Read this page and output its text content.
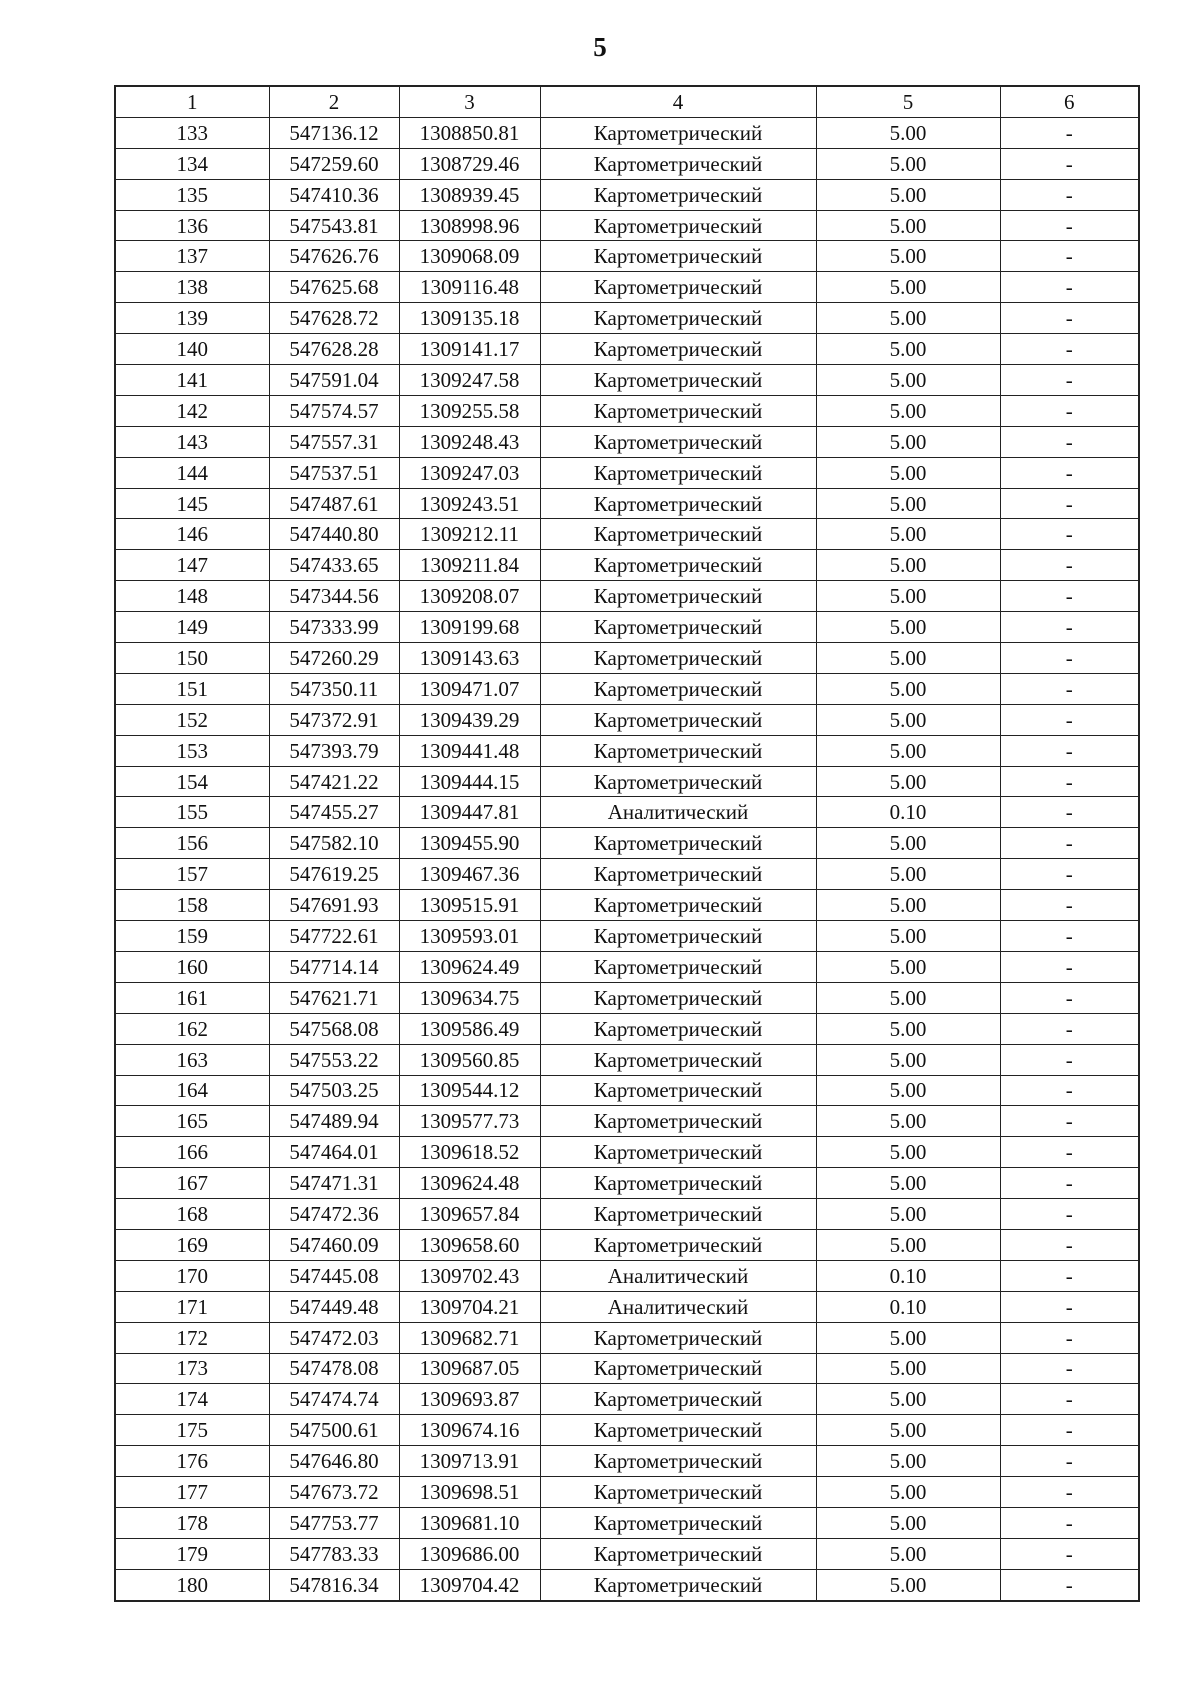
5
1	2	3	4	5	6
133	547136.12	1308850.81	Картометрический	5.00	-
134	547259.60	1308729.46	Картометрический	5.00	-
135	547410.36	1308939.45	Картометрический	5.00	-
136	547543.81	1308998.96	Картометрический	5.00	-
137	547626.76	1309068.09	Картометрический	5.00	-
138	547625.68	1309116.48	Картометрический	5.00	-
139	547628.72	1309135.18	Картометрический	5.00	-
140	547628.28	1309141.17	Картометрический	5.00	-
141	547591.04	1309247.58	Картометрический	5.00	-
142	547574.57	1309255.58	Картометрический	5.00	-
143	547557.31	1309248.43	Картометрический	5.00	-
144	547537.51	1309247.03	Картометрический	5.00	-
145	547487.61	1309243.51	Картометрический	5.00	-
146	547440.80	1309212.11	Картометрический	5.00	-
147	547433.65	1309211.84	Картометрический	5.00	-
148	547344.56	1309208.07	Картометрический	5.00	-
149	547333.99	1309199.68	Картометрический	5.00	-
150	547260.29	1309143.63	Картометрический	5.00	-
151	547350.11	1309471.07	Картометрический	5.00	-
152	547372.91	1309439.29	Картометрический	5.00	-
153	547393.79	1309441.48	Картометрический	5.00	-
154	547421.22	1309444.15	Картометрический	5.00	-
155	547455.27	1309447.81	Аналитический	0.10	-
156	547582.10	1309455.90	Картометрический	5.00	-
157	547619.25	1309467.36	Картометрический	5.00	-
158	547691.93	1309515.91	Картометрический	5.00	-
159	547722.61	1309593.01	Картометрический	5.00	-
160	547714.14	1309624.49	Картометрический	5.00	-
161	547621.71	1309634.75	Картометрический	5.00	-
162	547568.08	1309586.49	Картометрический	5.00	-
163	547553.22	1309560.85	Картометрический	5.00	-
164	547503.25	1309544.12	Картометрический	5.00	-
165	547489.94	1309577.73	Картометрический	5.00	-
166	547464.01	1309618.52	Картометрический	5.00	-
167	547471.31	1309624.48	Картометрический	5.00	-
168	547472.36	1309657.84	Картометрический	5.00	-
169	547460.09	1309658.60	Картометрический	5.00	-
170	547445.08	1309702.43	Аналитический	0.10	-
171	547449.48	1309704.21	Аналитический	0.10	-
172	547472.03	1309682.71	Картометрический	5.00	-
173	547478.08	1309687.05	Картометрический	5.00	-
174	547474.74	1309693.87	Картометрический	5.00	-
175	547500.61	1309674.16	Картометрический	5.00	-
176	547646.80	1309713.91	Картометрический	5.00	-
177	547673.72	1309698.51	Картометрический	5.00	-
178	547753.77	1309681.10	Картометрический	5.00	-
179	547783.33	1309686.00	Картометрический	5.00	-
180	547816.34	1309704.42	Картометрический	5.00	-
